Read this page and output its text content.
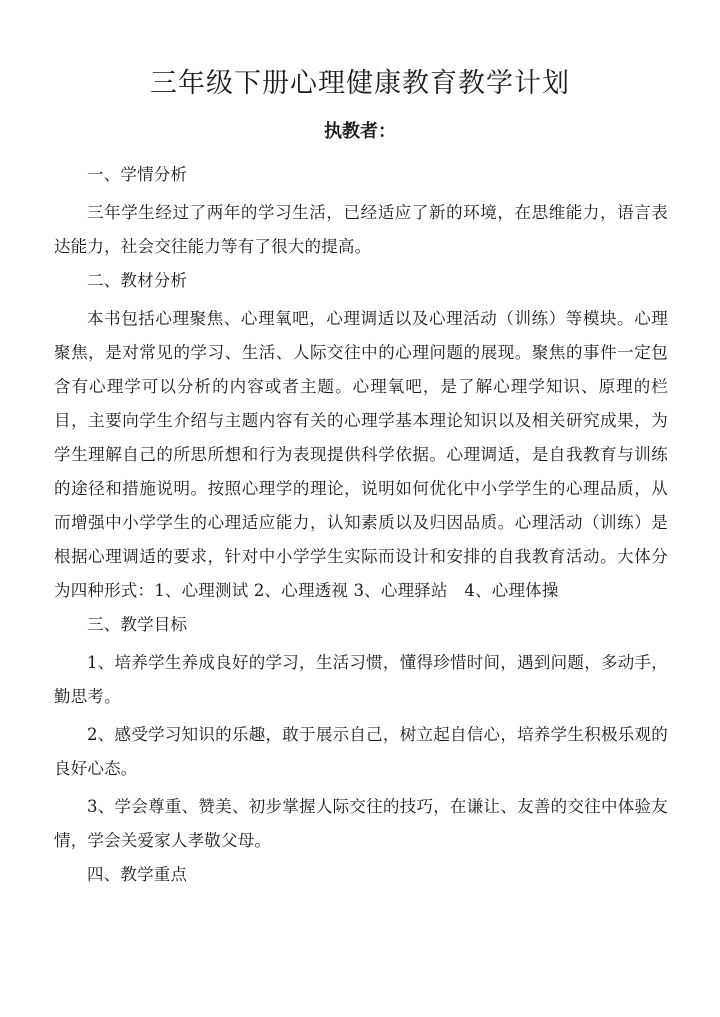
三年级下册心理健康教育教学计划
执教者：

一、学情分析

三年学生经过了两年的学习生活，已经适应了新的环境，在思维能力，语言表达能力，社会交往能力等有了很大的提高。

二、教材分析

本书包括心理聚焦、心理氧吧，心理调适以及心理活动（训练）等模块。心理聚焦，是对常见的学习、生活、人际交往中的心理问题的展现。聚焦的事件一定包含有心理学可以分析的内容或者主题。心理氧吧，是了解心理学知识、原理的栏目，主要向学生介绍与主题内容有关的心理学基本理论知识以及相关研究成果，为学生理解自己的所思所想和行为表现提供科学依据。心理调适，是自我教育与训练的途径和措施说明。按照心理学的理论，说明如何优化中小学学生的心理品质，从而增强中小学学生的心理适应能力，认知素质以及归因品质。心理活动（训练）是根据心理调适的要求，针对中小学学生实际而设计和安排的自我教育活动。大体分为四种形式：1、心理测试 2、心理透视 3、心理驿站　4、心理体操

三、教学目标

1、培养学生养成良好的学习，生活习惯，懂得珍惜时间，遇到问题，多动手，勤思考。

2、感受学习知识的乐趣，敢于展示自己，树立起自信心，培养学生积极乐观的良好心态。

3、学会尊重、赞美、初步掌握人际交往的技巧，在谦让、友善的交往中体验友情，学会关爱家人孝敬父母。

四、教学重点
